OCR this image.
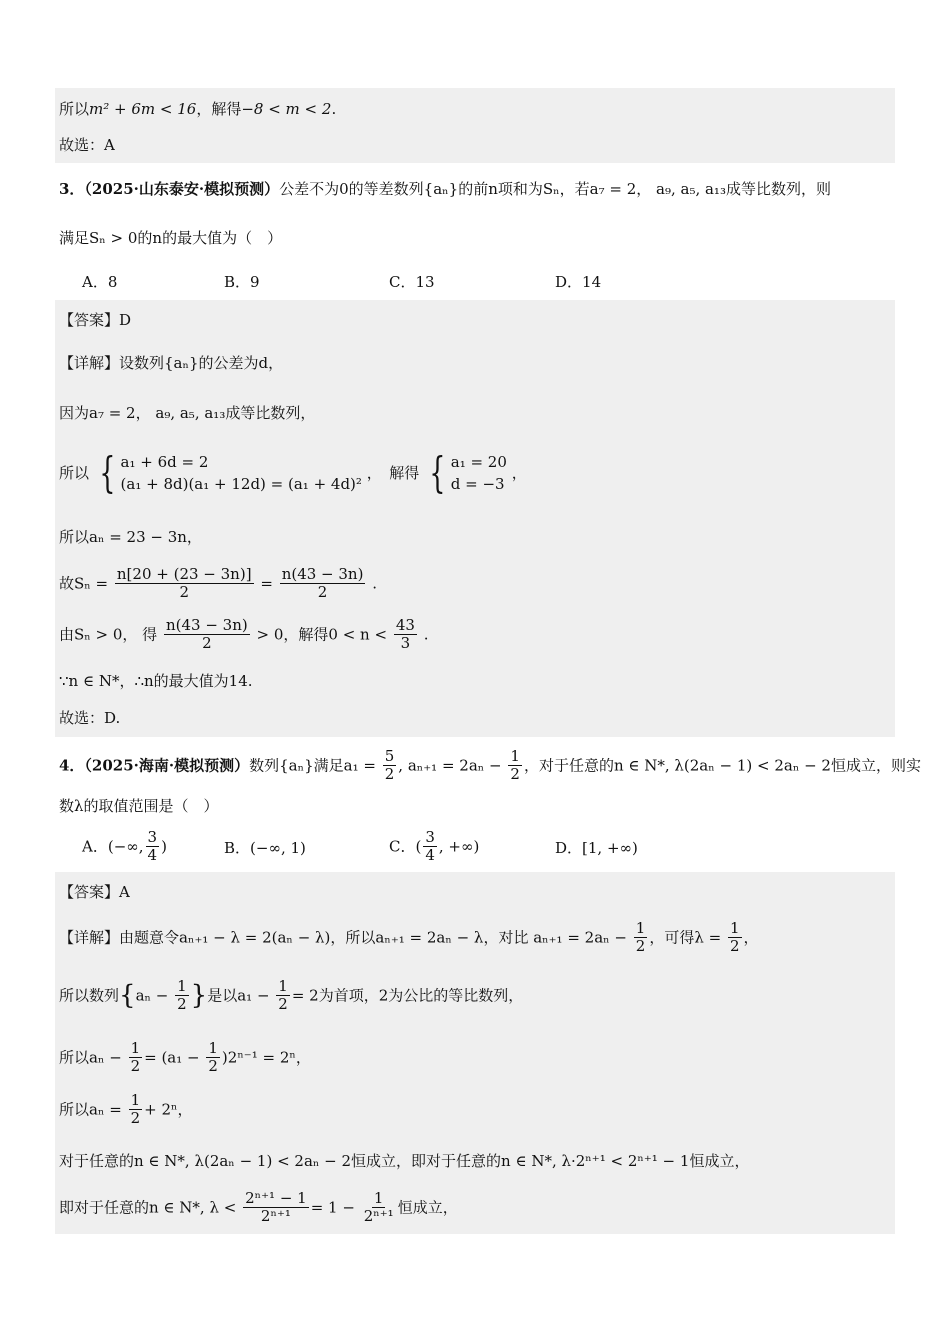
所以m² + 6m < 16，解得−8 < m < 2.
故选：A
3．（2025·山东泰安·模拟预测）公差不为0的等差数列{aₙ}的前n项和为Sₙ，若a₇ = 2， a₉, a₅, a₁₃成等比数列，则
满足Sₙ > 0的n的最大值为（　）
A．8	B．9	C．13	D．14
【答案】D
【详解】设数列{aₙ}的公差为d，
因为a₇ = 2， a₉, a₅, a₁₃成等比数列，
所以 { a₁ + 6d = 2
(a₁ + 8d)(a₁ + 12d) = (a₁ + 4d)²
，　解得 { a₁ = 20
d = −3
，
所以aₙ = 23 − 3n，
故$S_n = \frac{n[20 + (23 - 3n)]}{2} = \frac{n(43 - 3n)}{2}$ .
由Sₙ > 0， 得 $\frac{n(43 - 3n)}{2} > 0$，解得$0 < n < \frac{43}{3}$ .
∵n ∈ N*，∴n的最大值为14.
故选：D.
4．（2025·海南·模拟预测）数列{aₙ}满足$a_1 = \frac{5}{2}$ , $a_{n+1} = 2a_n - \frac{1}{2}$ ，对于任意的n ∈ N*, λ(2aₙ − 1) < 2aₙ − 2恒成立，则实
数λ的取值范围是（　）
A．(−∞, $\frac{3}{4}$ )	B．(−∞, 1)	C．( $\frac{3}{4}$ , +∞)	D．[1, +∞)
【答案】A
【详解】由题意令aₙ₊₁ − λ = 2(aₙ − λ)，所以aₙ₊₁ = 2aₙ − λ，对比 $a_{n+1} = 2a_n - \frac{1}{2}$ ，可得$\lambda = \frac{1}{2}$ ，
所以数列{$a_n - \frac{1}{2}$ }是以$a_1 - \frac{1}{2} = 2$为首项，2为公比的等比数列，
所以$a_n - \frac{1}{2} = (a_1 - \frac{1}{2} )2^{n-1} = 2^n$，
所以$a_n = \frac{1}{2} + 2^n$，
对于任意的n ∈ N*, λ(2aₙ − 1) < 2aₙ − 2恒成立，即对于任意的n ∈ N*, λ·2ⁿ⁺¹ < 2ⁿ⁺¹ − 1恒成立，
即对于任意的n ∈ N*, $\lambda < \frac{\text{2ⁿ⁺¹ − 1}}{\text{2ⁿ⁺¹}} = 1 - \frac{1}{\text{2ⁿ⁺¹}}$ 恒成立，
